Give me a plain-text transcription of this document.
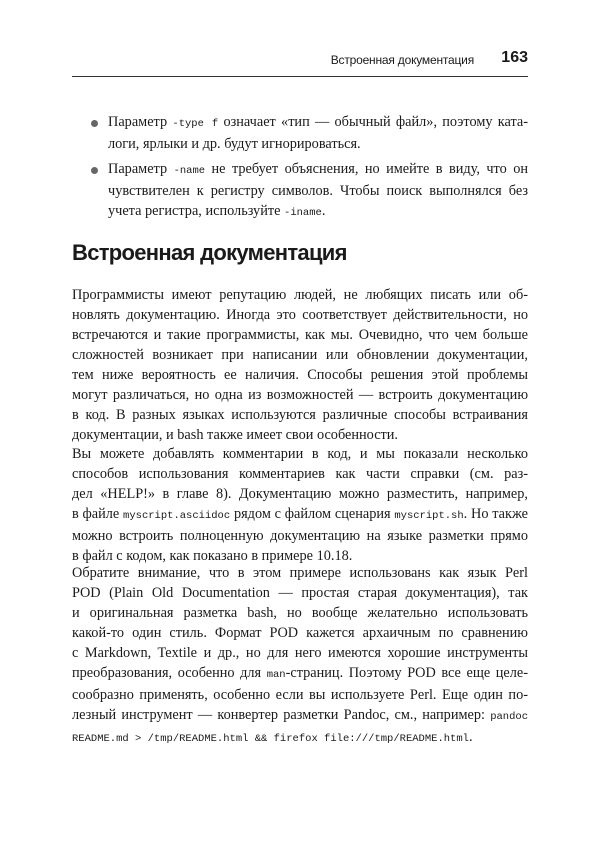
Встроенная документация 163
Параметр -type f означает «тип — обычный файл», поэтому ката-
логи, ярлыки и др. будут игнорироваться.
Параметр -name не требует объяснения, но имейте в виду, что он
чувствителен к регистру символов. Чтобы поиск выполнялся без
учета регистра, используйте -iname.
Встроенная документация
Программисты имеют репутацию людей, не любящих писать или об-
новлять документацию. Иногда это соответствует действительности, но
встречаются и такие программисты, как мы. Очевидно, что чем больше
сложностей возникает при написании или обновлении документации,
тем ниже вероятность ее наличия. Способы решения этой проблемы
могут различаться, но одна из возможностей — встроить документацию
в код. В разных языках используются различные способы встраивания
документации, и bash также имеет свои особенности.
Вы можете добавлять комментарии в код, и мы показали несколько
способов использования комментариев как части справки (см. раз-
дел «HELP!» в главе 8). Документацию можно разместить, например,
в файле myscript.asciidoc рядом с файлом сценария myscript.sh. Но также
можно встроить полноценную документацию на языке разметки прямо
в файл с кодом, как показано в примере 10.18.
Обратите внимание, что в этом примере использованs как язык Perl
POD (Plain Old Documentation — простая старая документация), так
и оригинальная разметка bash, но вообще желательно использовать
какой-то один стиль. Формат POD кажется архаичным по сравнению
с Markdown, Textile и др., но для него имеются хорошие инструменты
преобразования, особенно для man-страниц. Поэтому POD все еще целе-
сообразно применять, особенно если вы используете Perl. Еще один по-
лезный инструмент — конвертер разметки Pandoc, см., например: pandoc
README.md > /tmp/README.html && firefox file:///tmp/README.html.
